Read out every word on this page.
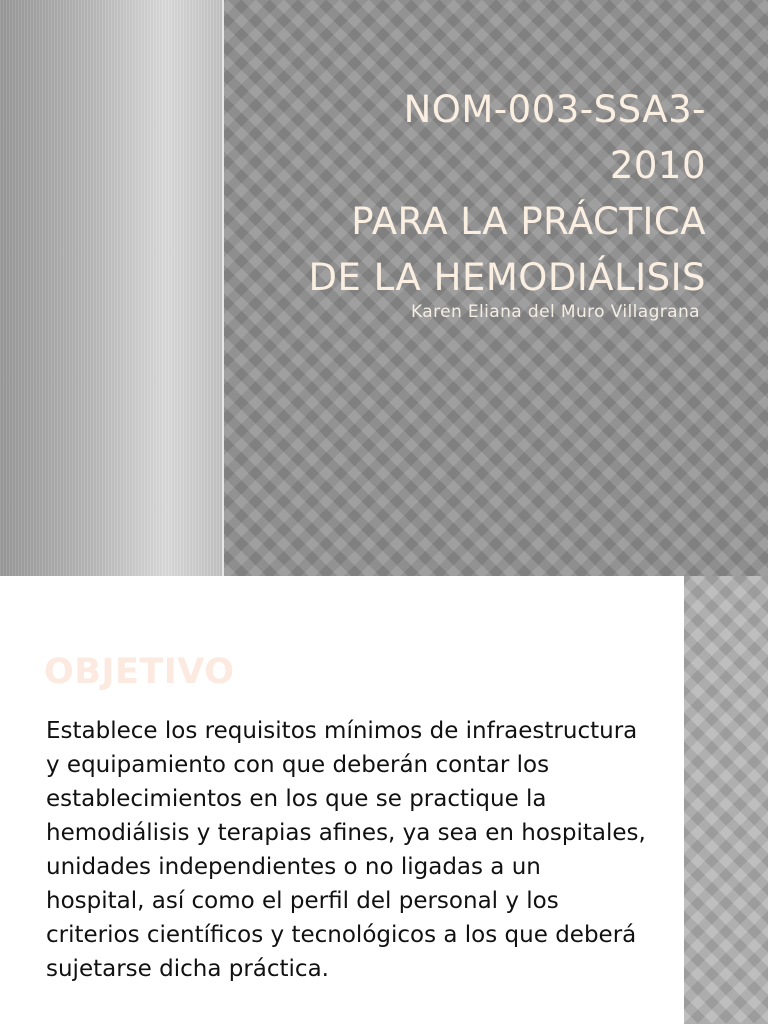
NOM-003-SSA3-
2010
PARA LA PRÁCTICA
DE LA HEMODIÁLISIS

Karen Eliana del Muro Villagrana

OBJETIVO

Establece los requisitos mínimos de infraestructura y equipamiento con que deberán contar los establecimientos en los que se practique la hemodiálisis y terapias afines, ya sea en hospitales, unidades independientes o no ligadas a un hospital, así como el perfil del personal y los criterios científicos y tecnológicos a los que deberá sujetarse dicha práctica.
